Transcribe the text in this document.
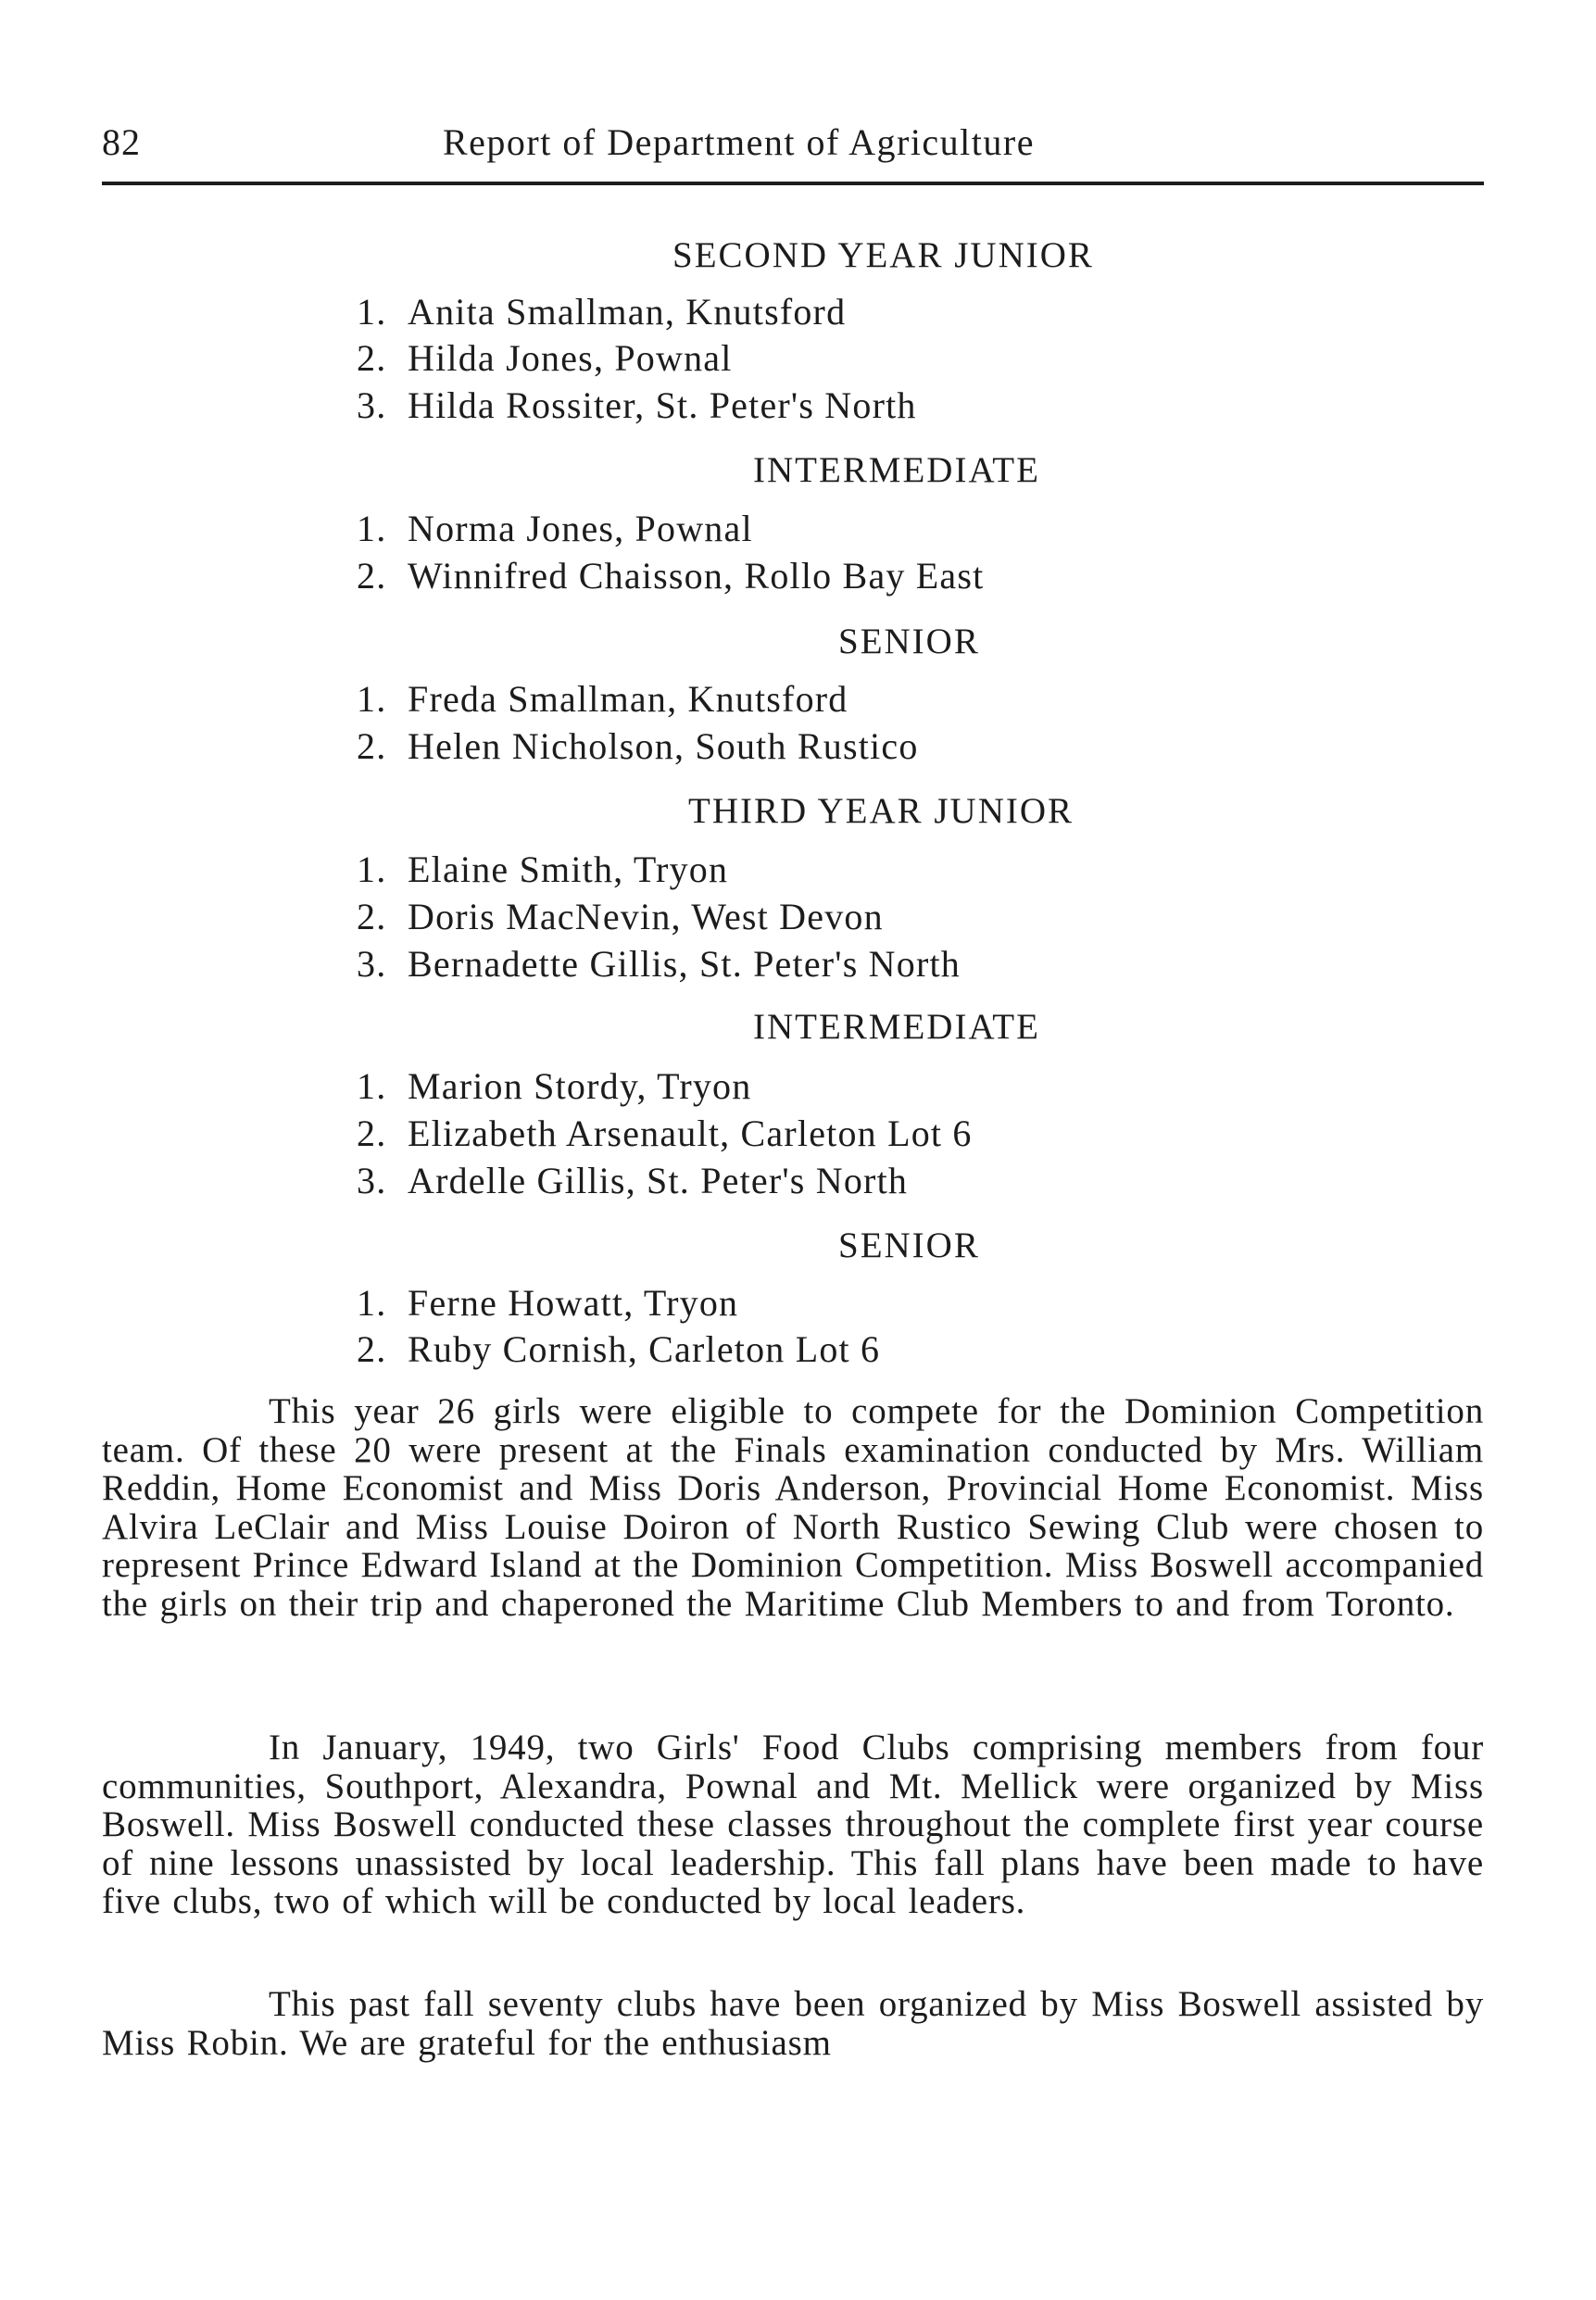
82	Report of Department of Agriculture
SECOND YEAR JUNIOR
1. Anita Smallman, Knutsford
2. Hilda Jones, Pownal
3. Hilda Rossiter, St. Peter's North
INTERMEDIATE
1. Norma Jones, Pownal
2. Winnifred Chaisson, Rollo Bay East
SENIOR
1. Freda Smallman, Knutsford
2. Helen Nicholson, South Rustico
THIRD YEAR JUNIOR
1. Elaine Smith, Tryon
2. Doris MacNevin, West Devon
3. Bernadette Gillis, St. Peter's North
INTERMEDIATE
1. Marion Stordy, Tryon
2. Elizabeth Arsenault, Carleton Lot 6
3. Ardelle Gillis, St. Peter's North
SENIOR
1. Ferne Howatt, Tryon
2. Ruby Cornish, Carleton Lot 6

This year 26 girls were eligible to compete for the Dominion Competition team. Of these 20 were present at the Finals examination conducted by Mrs. William Reddin, Home Economist and Miss Doris Anderson, Provincial Home Economist. Miss Alvira LeClair and Miss Louise Doiron of North Rustico Sewing Club were chosen to represent Prince Edward Island at the Dominion Competition. Miss Boswell accompanied the girls on their trip and chaperoned the Maritime Club Members to and from Toronto.

In January, 1949, two Girls' Food Clubs comprising members from four communities, Southport, Alexandra, Pownal and Mt. Mellick were organized by Miss Boswell. Miss Boswell conducted these classes throughout the complete first year course of nine lessons unassisted by local leadership. This fall plans have been made to have five clubs, two of which will be conducted by local leaders.

This past fall seventy clubs have been organized by Miss Boswell assisted by Miss Robin. We are grateful for the enthusiasm
